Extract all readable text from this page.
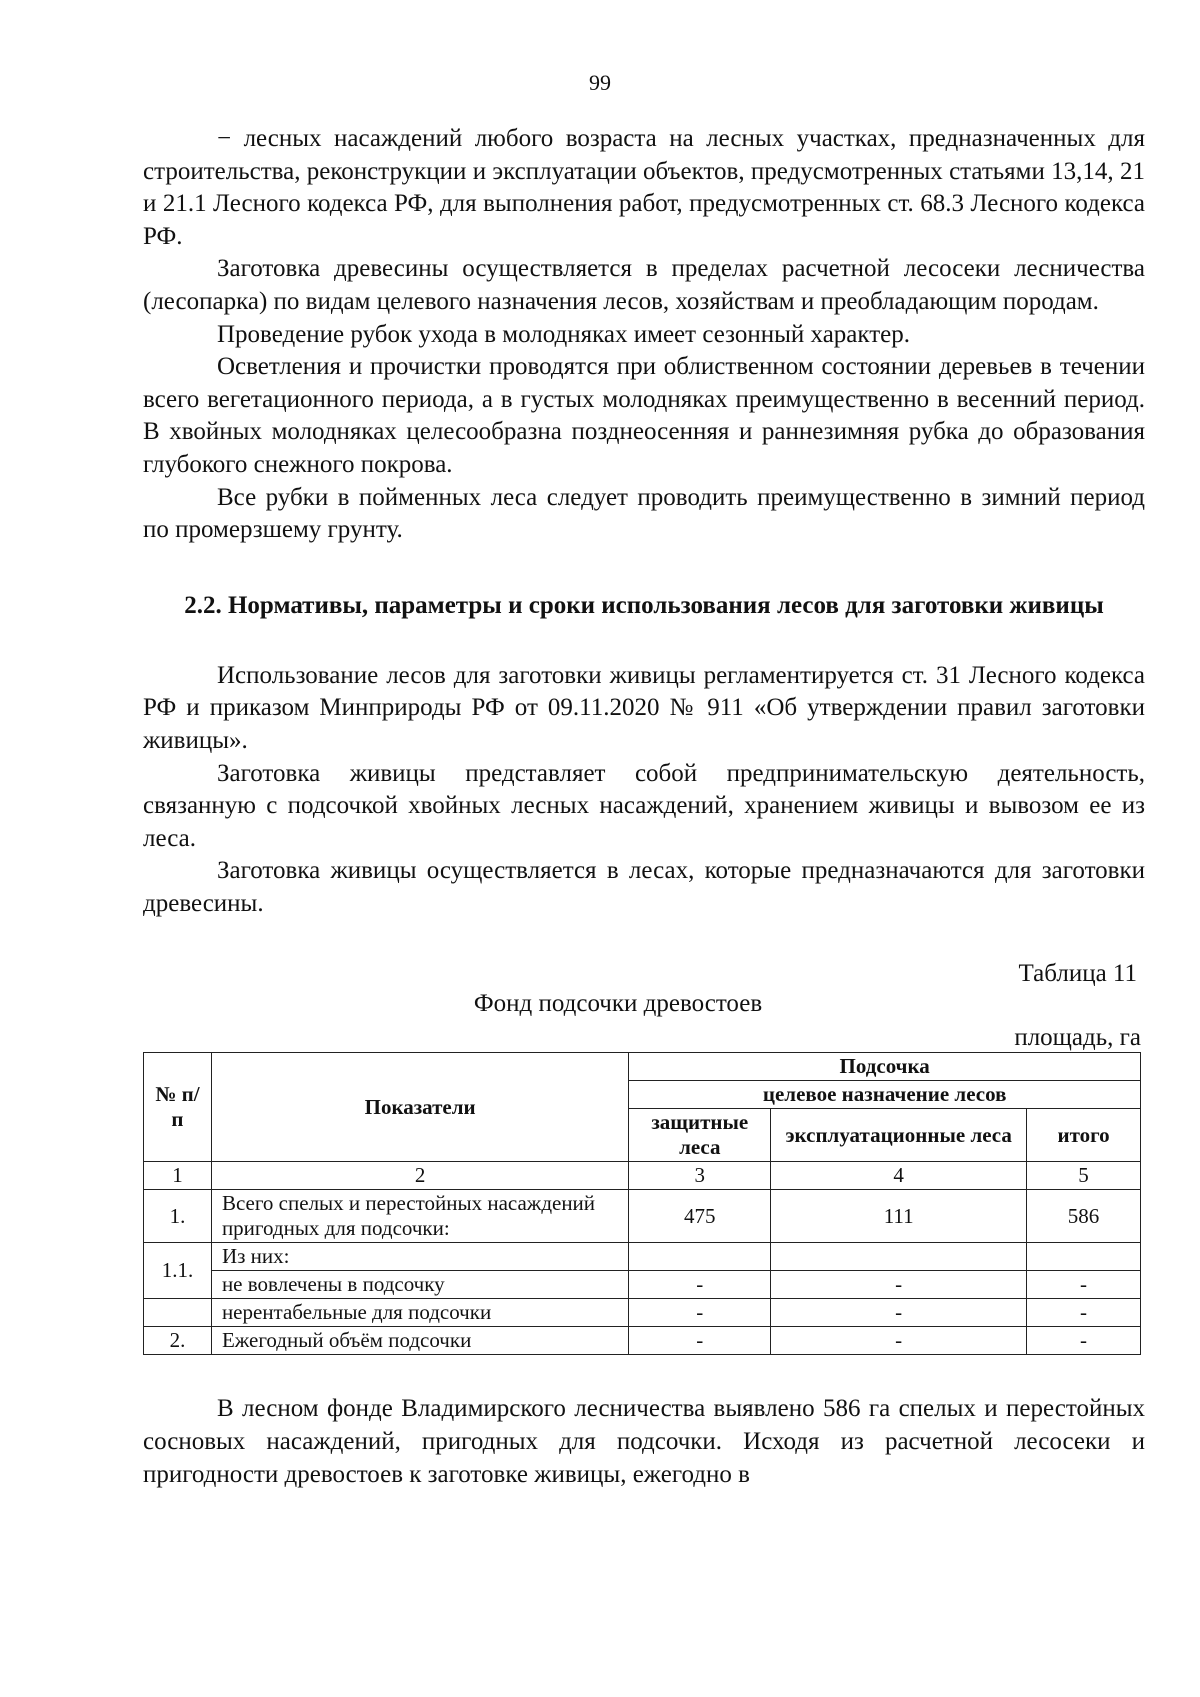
99

− лесных насаждений любого возраста на лесных участках, предназначенных для строительства, реконструкции и эксплуатации объектов, предусмотренных статьями 13,14, 21 и 21.1 Лесного кодекса РФ, для выполнения работ, предусмотренных ст. 68.3 Лесного кодекса РФ.

Заготовка древесины осуществляется в пределах расчетной лесосеки лесничества (лесопарка) по видам целевого назначения лесов, хозяйствам и преобладающим породам.

Проведение рубок ухода в молодняках имеет сезонный характер.

Осветления и прочистки проводятся при облиственном состоянии деревьев в течении всего вегетационного периода, а в густых молодняках преимущественно в весенний период. В хвойных молодняках целесообразна позднеосенняя и раннезимняя рубка до образования глубокого снежного покрова.

Все рубки в пойменных леса следует проводить преимущественно в зимний период по промерзшему грунту.

2.2. Нормативы, параметры и сроки использования лесов для заготовки живицы

Использование лесов для заготовки живицы регламентируется ст. 31 Лесного кодекса РФ и приказом Минприроды РФ от 09.11.2020 № 911 «Об утверждении правил заготовки живицы».

Заготовка живицы представляет собой предпринимательскую деятельность, связанную с подсочкой хвойных лесных насаждений, хранением живицы и вывозом ее из леса.

Заготовка живицы осуществляется в лесах, которые предназначаются для заготовки древесины.

Таблица 11
Фонд подсочки древостоев
площадь, га
№ п/п	Показатели	Подсочка		
		целевое назначение лесов		
		защитные леса	эксплуатационные леса	итого
1	2	3	4	5
1.	Всего спелых и перестойных насаждений пригодных для подсочки:	475	111	586
1.1.	Из них:			
	не вовлечены в подсочку	-	-	-
	нерентабельные для подсочки	-	-	-
2.	Ежегодный объём подсочки	-	-	-

В лесном фонде Владимирского лесничества выявлено 586 га спелых и перестойных сосновых насаждений, пригодных для подсочки. Исходя из расчетной лесосеки и пригодности древостоев к заготовке живицы, ежегодно в
